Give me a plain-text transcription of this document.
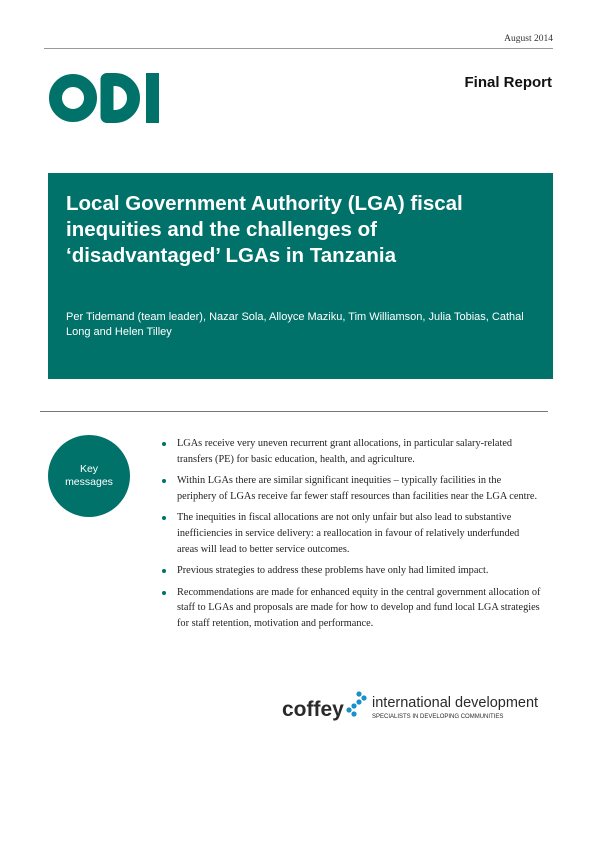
August 2014
Final Report
Local Government Authority (LGA) fiscal inequities and the challenges of ‘disadvantaged’ LGAs in Tanzania

Per Tidemand (team leader), Nazar Sola, Alloyce Maziku, Tim Williamson, Julia Tobias, Cathal Long and Helen Tilley

Key
messages
LGAs receive very uneven recurrent grant allocations, in particular salary-related transfers (PE) for basic education, health, and agriculture.
Within LGAs there are similar significant inequities – typically facilities in the periphery of LGAs receive far fewer staff resources than facilities near the LGA centre.
The inequities in fiscal allocations are not only unfair but also lead to substantive inefficiencies in service delivery: a reallocation in favour of relatively underfunded areas will lead to better service outcomes.
Previous strategies to address these problems have only had limited impact.
Recommendations are made for enhanced equity in the central government allocation of staff to LGAs and proposals are made for how to develop and fund local LGA strategies for staff retention, motivation and performance.
coffey international development
SPECIALISTS IN DEVELOPING COMMUNITIES
